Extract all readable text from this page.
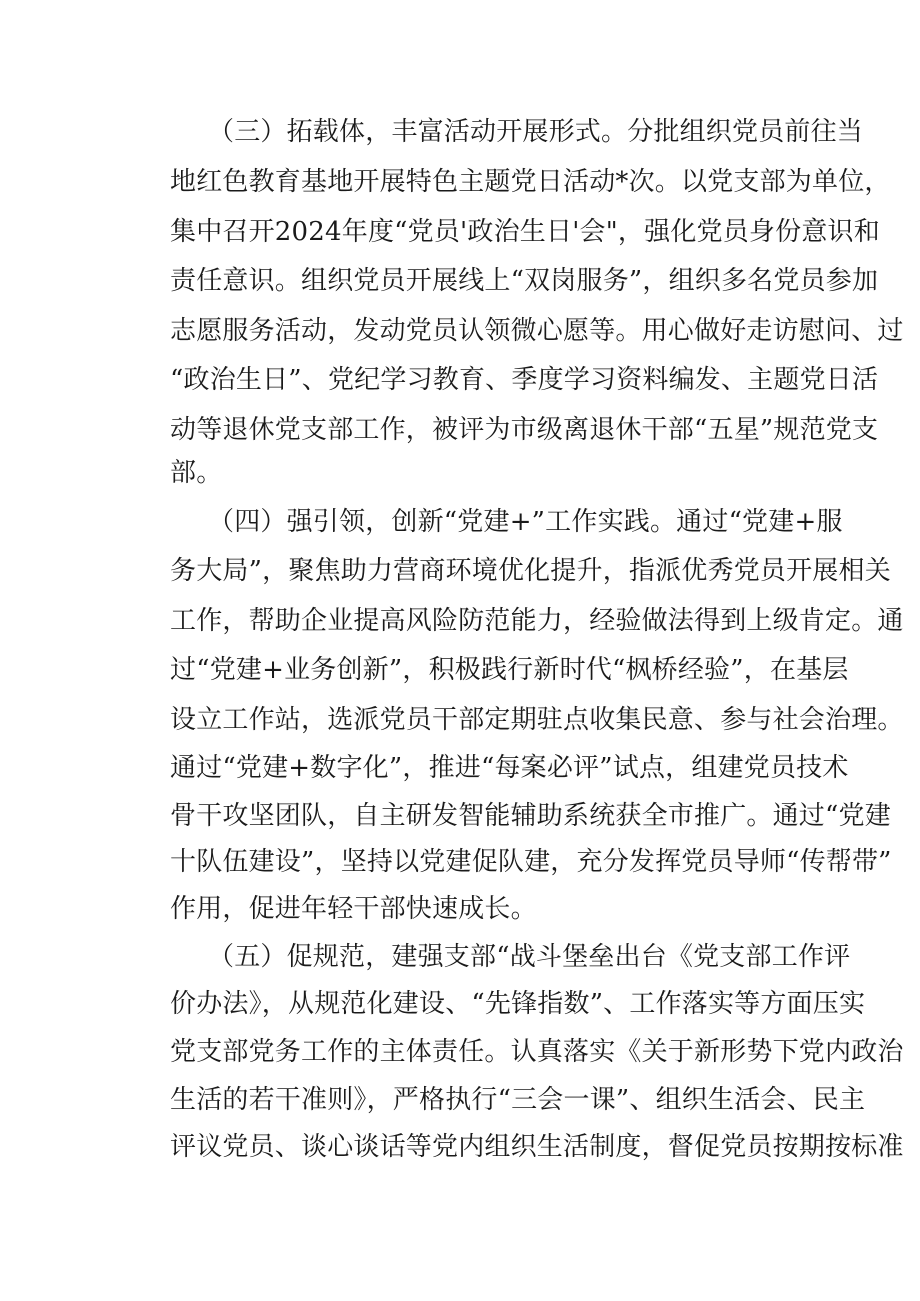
（三）拓载体，丰富活动开展形式。分批组织党员前往当
地红色教育基地开展特色主题党日活动*次。以党支部为单位，
集中召开2024年度“党员'政治生日'会"，强化党员身份意识和
责任意识。组织党员开展线上“双岗服务”，组织多名党员参加
志愿服务活动，发动党员认领微心愿等。用心做好走访慰问、过
“政治生日”、党纪学习教育、季度学习资料编发、主题党日活
动等退休党支部工作，被评为市级离退休干部“五星”规范党支
部。
（四）强引领，创新“党建+”工作实践。通过“党建+服
务大局”，聚焦助力营商环境优化提升，指派优秀党员开展相关
工作，帮助企业提高风险防范能力，经验做法得到上级肯定。通
过“党建+业务创新”，积极践行新时代“枫桥经验”，在基层
设立工作站，选派党员干部定期驻点收集民意、参与社会治理。
通过“党建+数字化”，推进“每案必评”试点，组建党员技术
骨干攻坚团队，自主研发智能辅助系统获全市推广。通过“党建
十队伍建设”，坚持以党建促队建，充分发挥党员导师“传帮带”
作用，促进年轻干部快速成长。
（五）促规范，建强支部“战斗堡垒出台《党支部工作评
价办法》，从规范化建设、“先锋指数”、工作落实等方面压实
党支部党务工作的主体责任。认真落实《关于新形势下党内政治
生活的若干准则》，严格执行“三会一课”、组织生活会、民主
评议党员、谈心谈话等党内组织生活制度，督促党员按期按标准
